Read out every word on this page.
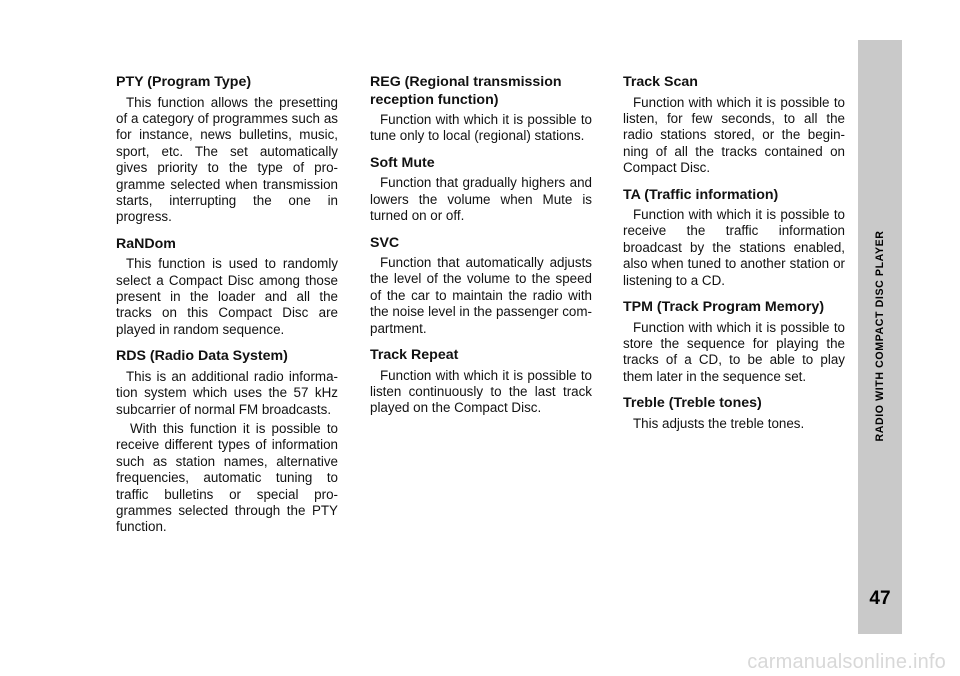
PTY (Program Type)

This function allows the presetting of a category of programmes such as for instance, news bulletins, music, sport, etc. The set automatically gives priority to the type of programme selected when transmission starts, interrupting the one in progress.

RaNDom

This function is used to randomly select a Compact Disc among those present in the loader and all the tracks on this Compact Disc are played in random sequence.

RDS (Radio Data System)

This is an additional radio information system which uses the 57 kHz subcarrier of normal FM broadcasts.

With this function it is possible to receive different types of information such as station names, alternative frequencies, automatic tuning to traffic bulletins or special programmes selected through the PTY function.

REG (Regional transmission reception function)

Function with which it is possible to tune only to local (regional) stations.

Soft Mute

Function that gradually highers and lowers the volume when Mute is turned on or off.

SVC

Function that automatically adjusts the level of the volume to the speed of the car to maintain the radio with the noise level in the passenger compartment.

Track Repeat

Function with which it is possible to listen continuously to the last track played on the Compact Disc.

Track Scan

Function with which it is possible to listen, for few seconds, to all the radio stations stored, or the beginning of all the tracks contained on Compact Disc.

TA (Traffic information)

Function with which it is possible to receive the traffic information broadcast by the stations enabled, also when tuned to another station or listening to a CD.

TPM (Track Program Memory)

Function with which it is possible to store the sequence for playing the tracks of a CD, to be able to play them later in the sequence set.

Treble (Treble tones)

This adjusts the treble tones.	RADIO WITH COMPACT DISC PLAYER
47
carmanualsonline.info
